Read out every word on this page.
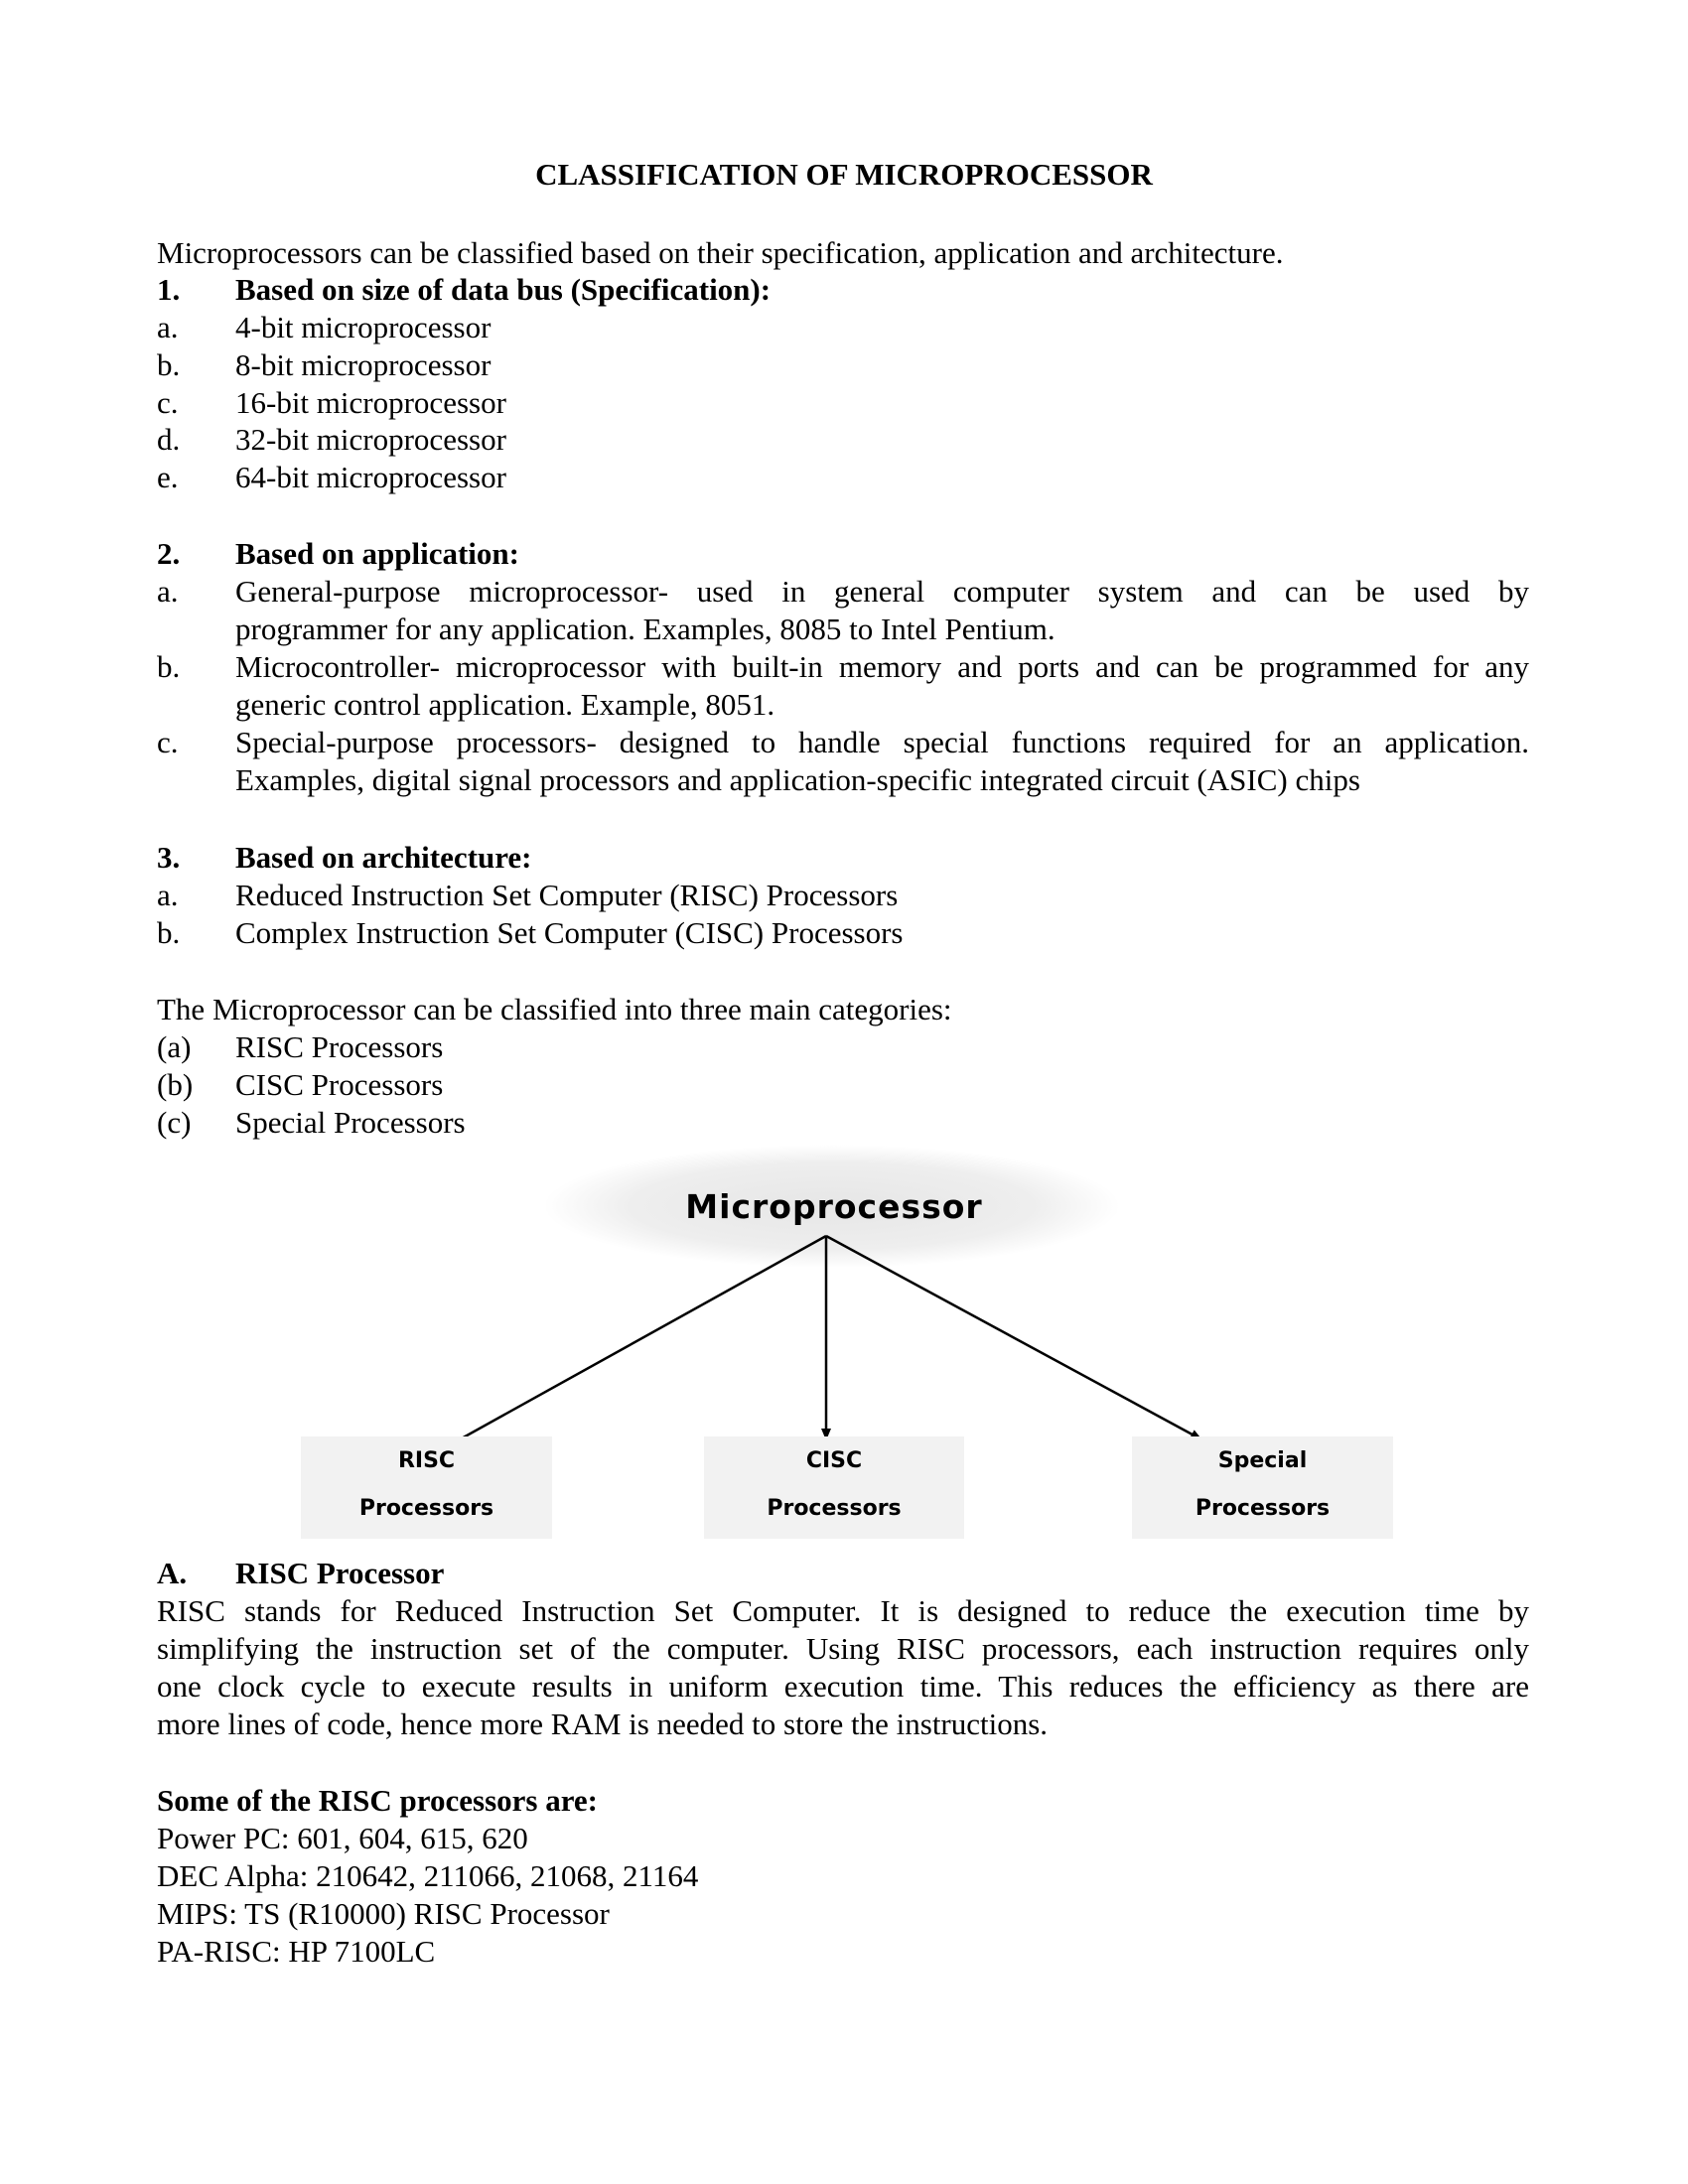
CLASSIFICATION OF MICROPROCESSOR
Microprocessors can be classified based on their specification, application and architecture.
1. Based on size of data bus (Specification):
a. 4-bit microprocessor
b. 8-bit microprocessor
c. 16-bit microprocessor
d. 32-bit microprocessor
e. 64-bit microprocessor
2. Based on application:
a. General-purpose microprocessor- used in general computer system and can be used by
programmer for any application. Examples, 8085 to Intel Pentium.
b. Microcontroller- microprocessor with built-in memory and ports and can be programmed for any
generic control application. Example, 8051.
c. Special-purpose processors- designed to handle special functions required for an application.
Examples, digital signal processors and application-specific integrated circuit (ASIC) chips
3. Based on architecture:
a. Reduced Instruction Set Computer (RISC) Processors
b. Complex Instruction Set Computer (CISC) Processors
The Microprocessor can be classified into three main categories:
(a) RISC Processors
(b) CISC Processors
(c) Special Processors
Microprocessor
RISC
Processors
CISC
Processors
Special
Processors
A. RISC Processor
RISC stands for Reduced Instruction Set Computer. It is designed to reduce the execution time by
simplifying the instruction set of the computer. Using RISC processors, each instruction requires only
one clock cycle to execute results in uniform execution time. This reduces the efficiency as there are
more lines of code, hence more RAM is needed to store the instructions.
Some of the RISC processors are:
Power PC: 601, 604, 615, 620
DEC Alpha: 210642, 211066, 21068, 21164
MIPS: TS (R10000) RISC Processor
PA-RISC: HP 7100LC
